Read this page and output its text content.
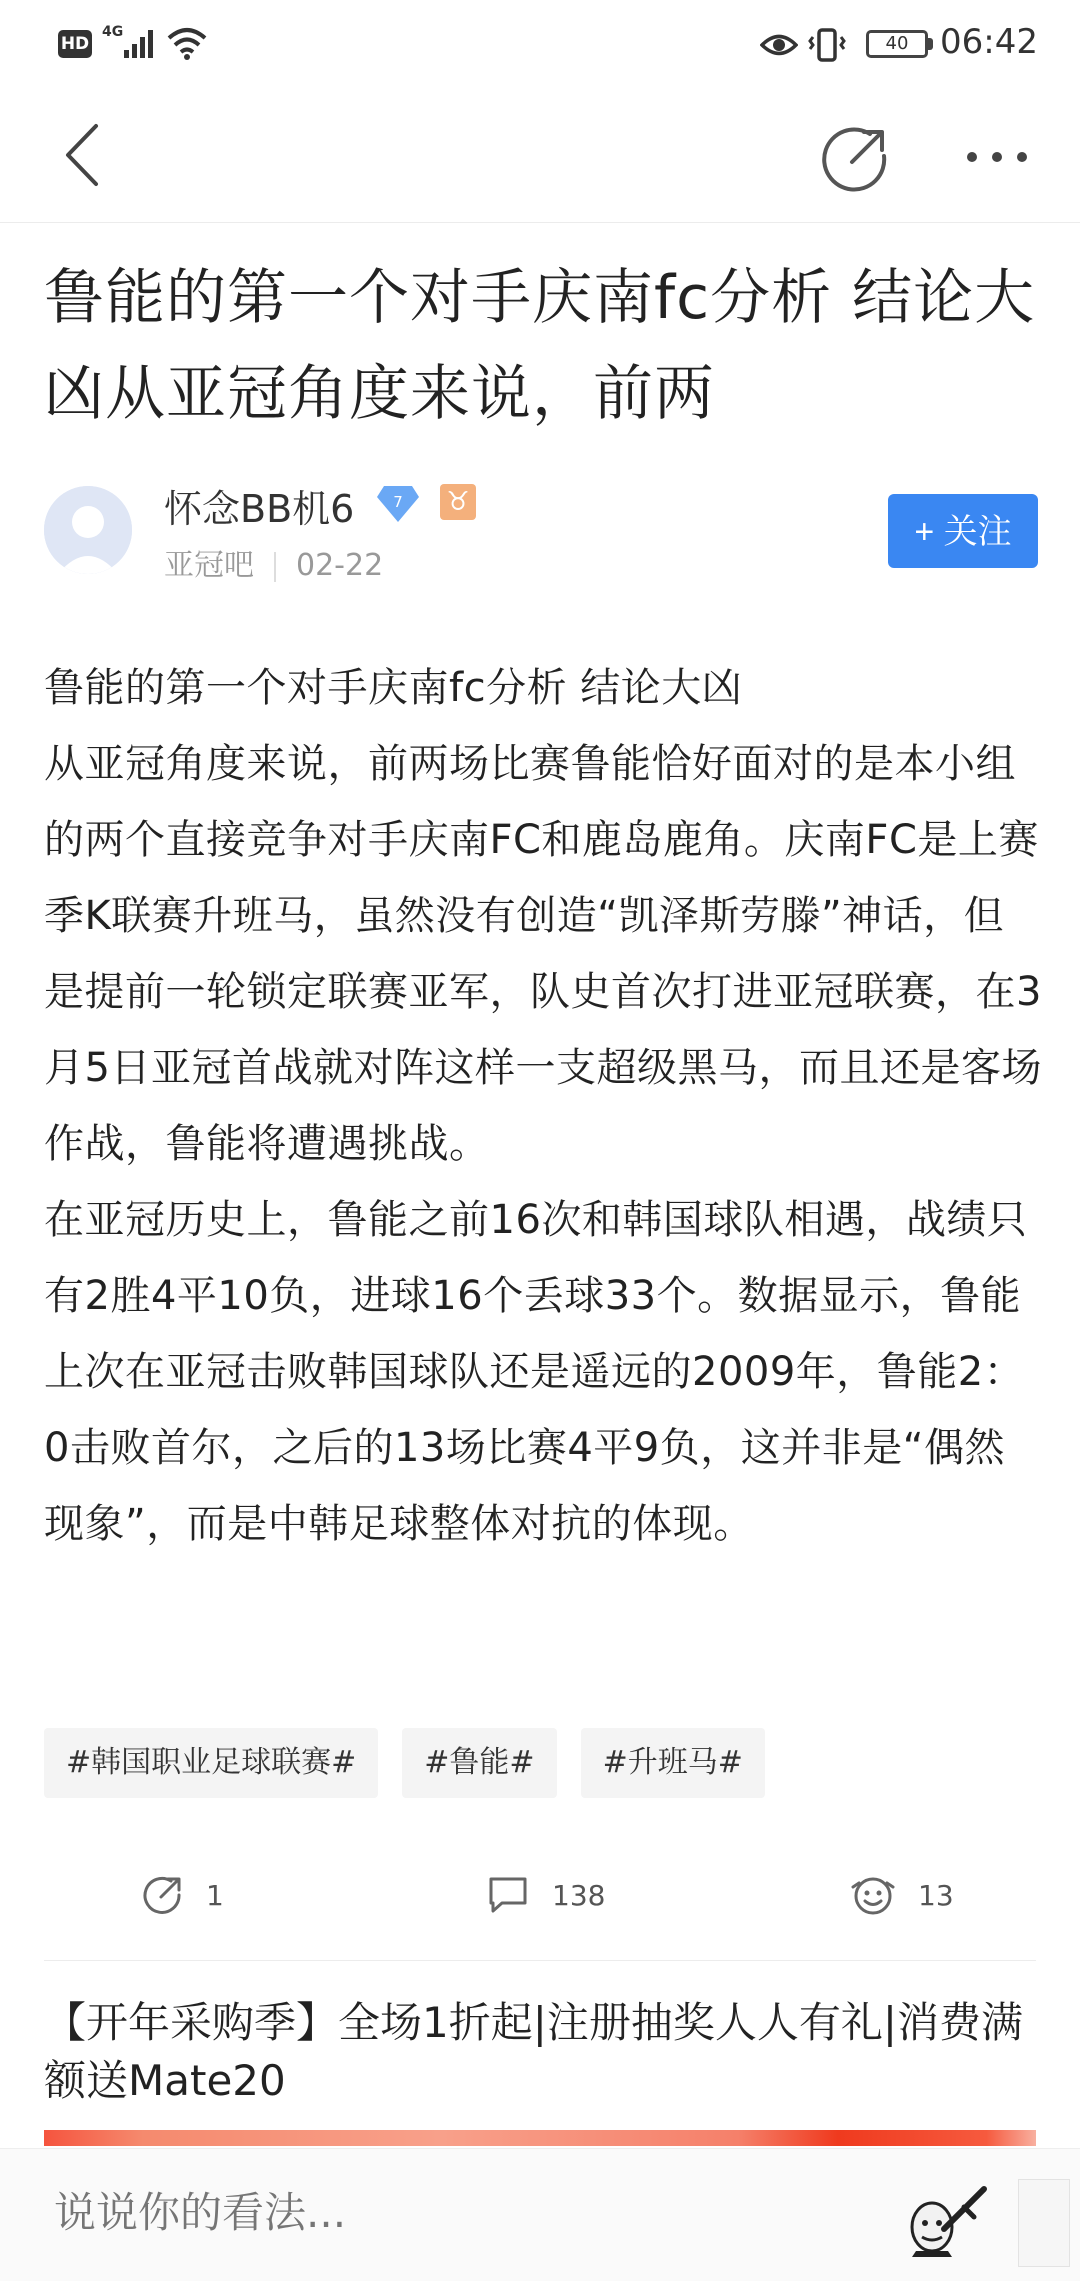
HD
4G
40 06:42
鲁能的第一个对手庆南fc分析 结论大凶从亚冠角度来说，前两
怀念BB机6	7 ♉
亚冠吧 02-22
+ 关注

鲁能的第一个对手庆南fc分析 结论大凶

从亚冠角度来说，前两场比赛鲁能恰好面对的是本小组的两个直接竞争对手庆南FC和鹿岛鹿角。庆南FC是上赛季K联赛升班马，虽然没有创造“凯泽斯劳滕”神话，但是提前一轮锁定联赛亚军，队史首次打进亚冠联赛，在3月5日亚冠首战就对阵这样一支超级黑马，而且还是客场作战，鲁能将遭遇挑战。

在亚冠历史上，鲁能之前16次和韩国球队相遇，战绩只有2胜4平10负，进球16个丢球33个。数据显示，鲁能上次在亚冠击败韩国球队还是遥远的2009年，鲁能2：0击败首尔，之后的13场比赛4平9负，这并非是“偶然现象”，而是中韩足球整体对抗的体现。

#韩国职业足球联赛#	#鲁能#	#升班马#
1	138	13

【开年采购季】全场1折起|注册抽奖人人有礼|消费满额送Mate20

说说你的看法...
